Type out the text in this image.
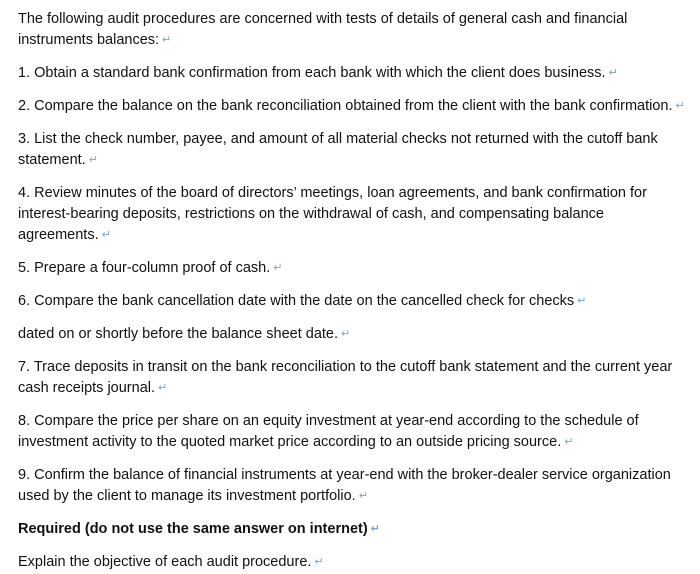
The following audit procedures are concerned with tests of details of general cash and financial instruments balances: ↵

1. Obtain a standard bank confirmation from each bank with which the client does business. ↵

2. Compare the balance on the bank reconciliation obtained from the client with the bank confirmation. ↵

3. List the check number, payee, and amount of all material checks not returned with the cutoff bank statement. ↵

4. Review minutes of the board of directors’ meetings, loan agreements, and bank confirmation for interest-bearing deposits, restrictions on the withdrawal of cash, and compensating balance agreements. ↵

5. Prepare a four-column proof of cash. ↵

6. Compare the bank cancellation date with the date on the cancelled check for checks ↵

dated on or shortly before the balance sheet date. ↵

7. Trace deposits in transit on the bank reconciliation to the cutoff bank statement and the current year cash receipts journal. ↵

8. Compare the price per share on an equity investment at year-end according to the schedule of investment activity to the quoted market price according to an outside pricing source. ↵

9. Confirm the balance of financial instruments at year-end with the broker-dealer service organization used by the client to manage its investment portfolio. ↵

Required (do not use the same answer on internet) ↵

Explain the objective of each audit procedure. ↵
